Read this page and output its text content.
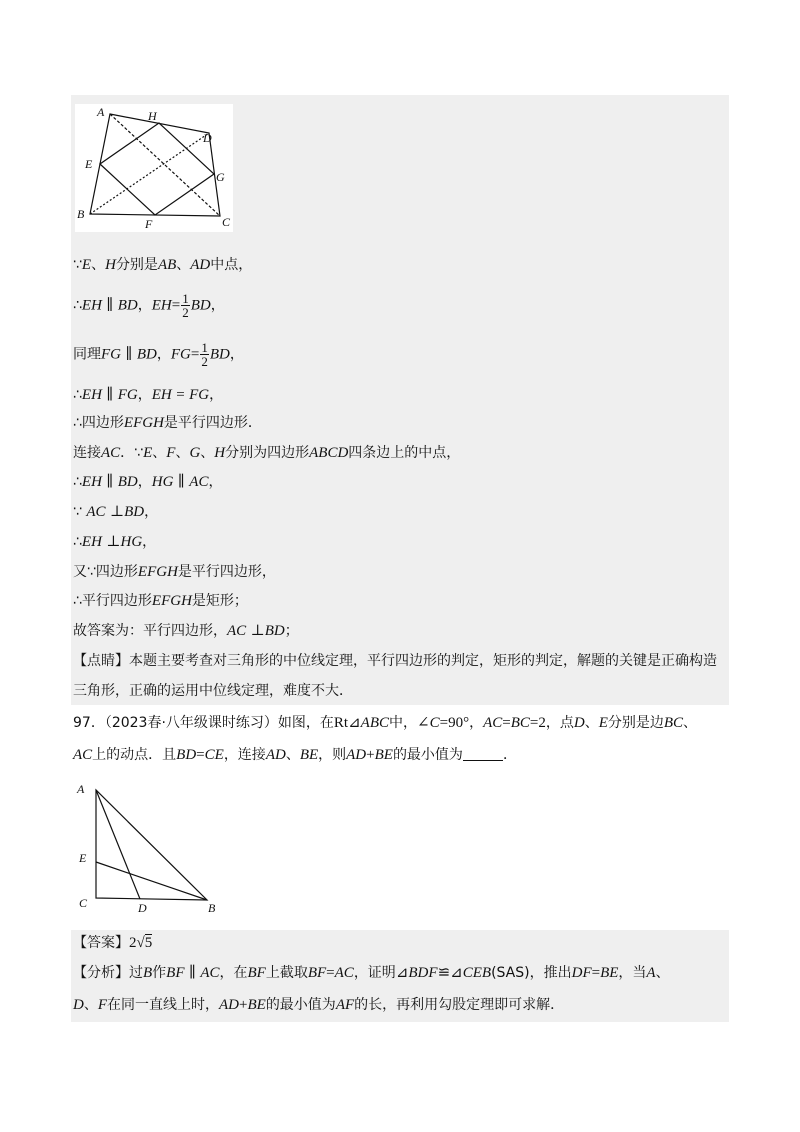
A	H
D
E
G
B
F	C
∵E、H分别是AB、AD中点，
∴EH ∥ BD，$EH= \frac{1}{2}$ BD，
同理FG ∥ BD，$FG= \frac{1}{2}$ BD，
∴EH ∥ FG，EH = FG，
∴四边形EFGH是平行四边形．
连接AC．∵E、F、G、H分别为四边形ABCD四条边上的中点，
∴EH ∥ BD，HG ∥ AC，
∵ AC ⊥BD，
∴EH ⊥HG，
又∵四边形EFGH是平行四边形，
∴平行四边形EFGH是矩形；
故答案为：平行四边形，AC ⊥BD；
【点睛】本题主要考查对三角形的中位线定理，平行四边形的判定，矩形的判定，解题的关键是正确构造
三角形，正确的运用中位线定理，难度不大．
97．（2023春·八年级课时练习）如图，在Rt⊿ABC中，∠C=90°，AC=BC=2，点D、E分别是边BC、
AC上的动点．且BD=CE，连接AD、BE，则AD+BE的最小值为	．
A
E
C	D	B
【答案】2√5
【分析】过B作BF ∥ AC，在BF上截取BF=AC，证明⊿BDF≌⊿CEB(SAS)，推出DF=BE，当A、
D、F在同一直线上时，AD+BE的最小值为AF的长，再利用勾股定理即可求解．
